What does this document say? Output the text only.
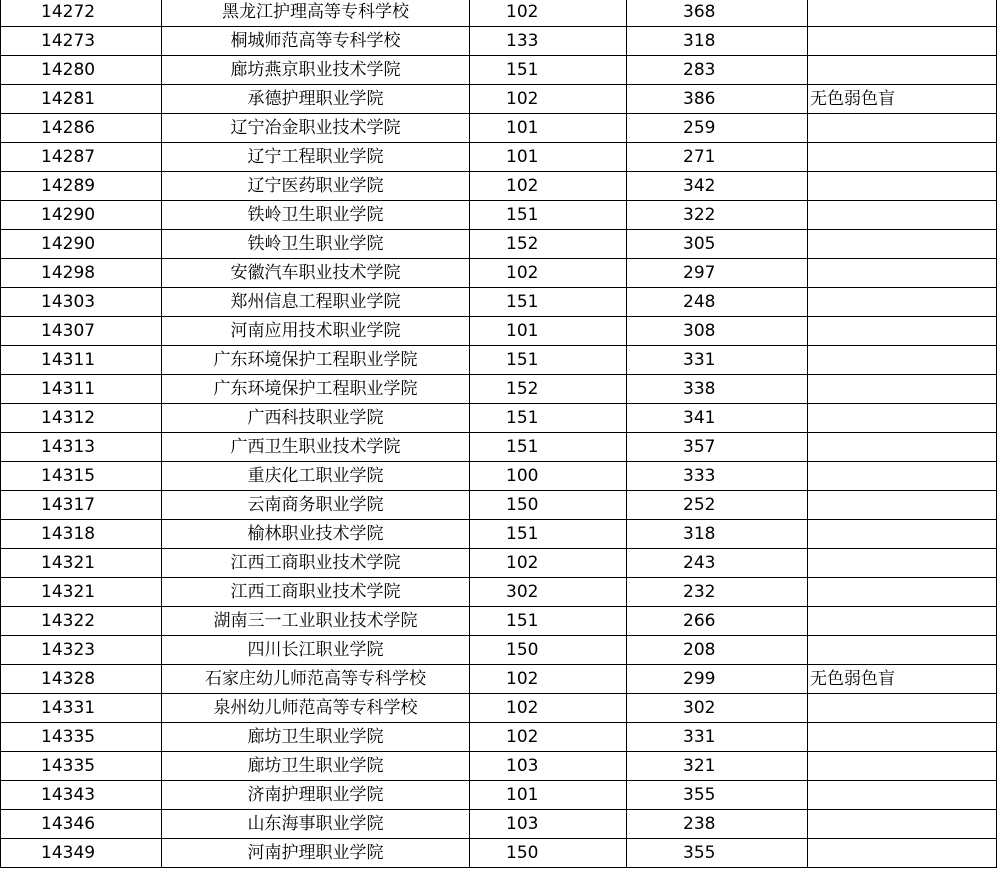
14272	黑龙江护理高等专科学校	102	368	
14273	桐城师范高等专科学校	133	318	
14280	廊坊燕京职业技术学院	151	283	
14281	承德护理职业学院	102	386	无色弱色盲
14286	辽宁冶金职业技术学院	101	259	
14287	辽宁工程职业学院	101	271	
14289	辽宁医药职业学院	102	342	
14290	铁岭卫生职业学院	151	322	
14290	铁岭卫生职业学院	152	305	
14298	安徽汽车职业技术学院	102	297	
14303	郑州信息工程职业学院	151	248	
14307	河南应用技术职业学院	101	308	
14311	广东环境保护工程职业学院	151	331	
14311	广东环境保护工程职业学院	152	338	
14312	广西科技职业学院	151	341	
14313	广西卫生职业技术学院	151	357	
14315	重庆化工职业学院	100	333	
14317	云南商务职业学院	150	252	
14318	榆林职业技术学院	151	318	
14321	江西工商职业技术学院	102	243	
14321	江西工商职业技术学院	302	232	
14322	湖南三一工业职业技术学院	151	266	
14323	四川长江职业学院	150	208	
14328	石家庄幼儿师范高等专科学校	102	299	无色弱色盲
14331	泉州幼儿师范高等专科学校	102	302	
14335	廊坊卫生职业学院	102	331	
14335	廊坊卫生职业学院	103	321	
14343	济南护理职业学院	101	355	
14346	山东海事职业学院	103	238	
14349	河南护理职业学院	150	355	
